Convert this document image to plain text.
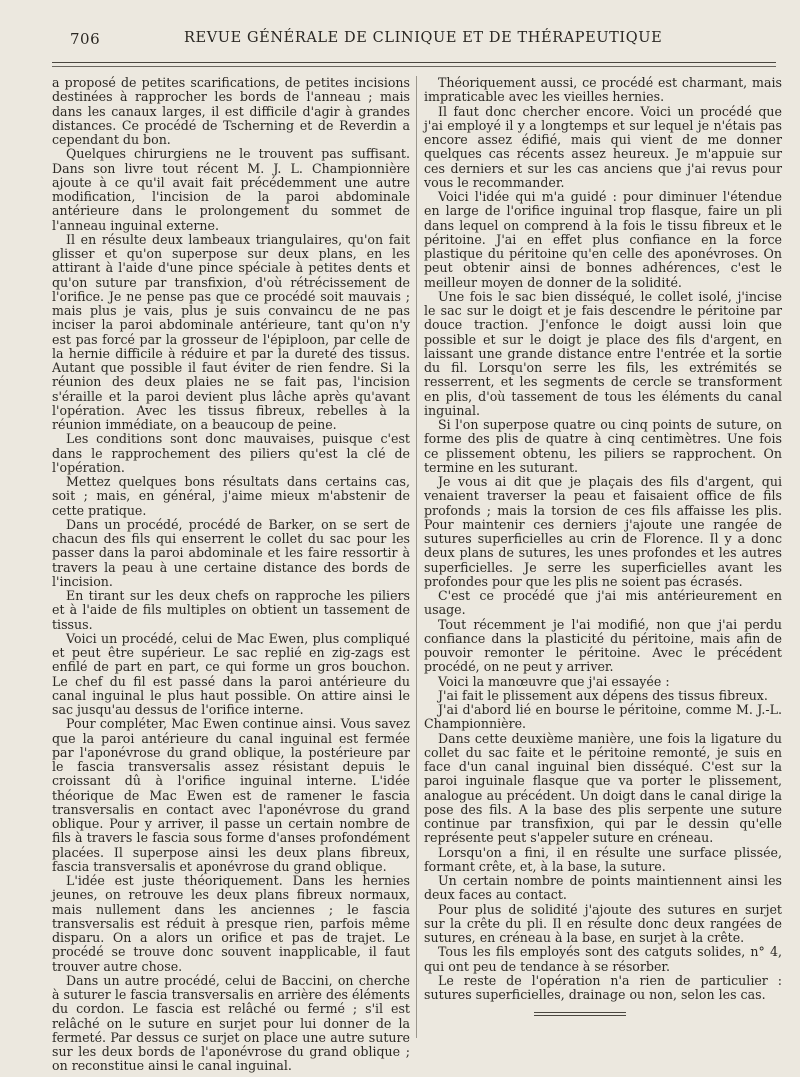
706	REVUE GÉNÉRALE DE CLINIQUE ET DE THÉRAPEUTIQUE

a proposé de petites scarifications, de petites incisions destinées à rapprocher les bords de l'anneau ; mais dans les canaux larges, il est difficile d'agir à grandes distances. Ce procédé de Tscherning et de Reverdin a cependant du bon.

Quelques chirurgiens ne le trouvent pas suffisant. Dans son livre tout récent M. J. L. Championnière ajoute à ce qu'il avait fait précédemment une autre modification, l'incision de la paroi abdominale antérieure dans le prolongement du sommet de l'anneau inguinal externe.

Il en résulte deux lambeaux triangulaires, qu'on fait glisser et qu'on superpose sur deux plans, en les attirant à l'aide d'une pince spéciale à petites dents et qu'on suture par transfixion, d'où rétrécissement de l'orifice. Je ne pense pas que ce procédé soit mauvais ; mais plus je vais, plus je suis convaincu de ne pas inciser la paroi abdominale antérieure, tant qu'on n'y est pas forcé par la grosseur de l'épiploon, par celle de la hernie difficile à réduire et par la dureté des tissus. Autant que possible il faut éviter de rien fendre. Si la réunion des deux plaies ne se fait pas, l'incision s'éraille et la paroi devient plus lâche après qu'avant l'opération. Avec les tissus fibreux, rebelles à la réunion immédiate, on a beaucoup de peine.

Les conditions sont donc mauvaises, puisque c'est dans le rapprochement des piliers qu'est la clé de l'opération.

Mettez quelques bons résultats dans certains cas, soit ; mais, en général, j'aime mieux m'abstenir de cette pratique.

Dans un procédé, procédé de Barker, on se sert de chacun des fils qui enserrent le collet du sac pour les passer dans la paroi abdominale et les faire ressortir à travers la peau à une certaine distance des bords de l'incision.

En tirant sur les deux chefs on rapproche les piliers et à l'aide de fils multiples on obtient un tassement de tissus.

Voici un procédé, celui de Mac Ewen, plus compliqué et peut être supérieur. Le sac replié en zig-zags est enfilé de part en part, ce qui forme un gros bouchon. Le chef du fil est passé dans la paroi antérieure du canal inguinal le plus haut possible. On attire ainsi le sac jusqu'au dessus de l'orifice interne.

Pour compléter, Mac Ewen continue ainsi. Vous savez que la paroi antérieure du canal inguinal est fermée par l'aponévrose du grand oblique, la postérieure par le fascia transversalis assez résistant depuis le croissant dû à l'orifice inguinal interne. L'idée théorique de Mac Ewen est de ramener le fascia transversalis en contact avec l'aponévrose du grand oblique. Pour y arriver, il passe un certain nombre de fils à travers le fascia sous forme d'anses profondément placées. Il superpose ainsi les deux plans fibreux, fascia transversalis et aponévrose du grand oblique.

L'idée est juste théoriquement. Dans les hernies jeunes, on retrouve les deux plans fibreux normaux, mais nullement dans les anciennes ; le fascia transversalis est réduit à presque rien, parfois même disparu. On a alors un orifice et pas de trajet. Le procédé se trouve donc souvent inapplicable, il faut trouver autre chose.

Dans un autre procédé, celui de Baccini, on cherche à suturer le fascia transversalis en arrière des éléments du cordon. Le fascia est relâché ou fermé ; s'il est relâché on le suture en surjet pour lui donner de la fermeté. Par dessus ce surjet on place une autre suture sur les deux bords de l'aponévrose du grand oblique ; on reconstitue ainsi le canal inguinal.

Théoriquement aussi, ce procédé est charmant, mais impraticable avec les vieilles hernies.

Il faut donc chercher encore. Voici un procédé que j'ai employé il y a longtemps et sur lequel je n'étais pas encore assez édifié, mais qui vient de me donner quelques cas récents assez heureux. Je m'appuie sur ces derniers et sur les cas anciens que j'ai revus pour vous le recommander.

Voici l'idée qui m'a guidé : pour diminuer l'étendue en large de l'orifice inguinal trop flasque, faire un pli dans lequel on comprend à la fois le tissu fibreux et le péritoine. J'ai en effet plus confiance en la force plastique du péritoine qu'en celle des aponévroses. On peut obtenir ainsi de bonnes adhérences, c'est le meilleur moyen de donner de la solidité.

Une fois le sac bien disséqué, le collet isolé, j'incise le sac sur le doigt et je fais descendre le péritoine par douce traction. J'enfonce le doigt aussi loin que possible et sur le doigt je place des fils d'argent, en laissant une grande distance entre l'entrée et la sortie du fil. Lorsqu'on serre les fils, les extrémités se resserrent, et les segments de cercle se transforment en plis, d'où tassement de tous les éléments du canal inguinal.

Si l'on superpose quatre ou cinq points de suture, on forme des plis de quatre à cinq centimètres. Une fois ce plissement obtenu, les piliers se rapprochent. On termine en les suturant.

Je vous ai dit que je plaçais des fils d'argent, qui venaient traverser la peau et faisaient office de fils profonds ; mais la torsion de ces fils affaisse les plis. Pour maintenir ces derniers j'ajoute une rangée de sutures superficielles au crin de Florence. Il y a donc deux plans de sutures, les unes profondes et les autres superficielles. Je serre les superficielles avant les profondes pour que les plis ne soient pas écrasés.

C'est ce procédé que j'ai mis antérieurement en usage.

Tout récemment je l'ai modifié, non que j'ai perdu confiance dans la plasticité du péritoine, mais afin de pouvoir remonter le péritoine. Avec le précédent procédé, on ne peut y arriver.

Voici la manœuvre que j'ai essayée :

J'ai fait le plissement aux dépens des tissus fibreux.

J'ai d'abord lié en bourse le péritoine, comme M. J.-L. Championnière.

Dans cette deuxième manière, une fois la ligature du collet du sac faite et le péritoine remonté, je suis en face d'un canal inguinal bien disséqué. C'est sur la paroi inguinale flasque que va porter le plissement, analogue au précédent. Un doigt dans le canal dirige la pose des fils. A la base des plis serpente une suture continue par transfixion, qui par le dessin qu'elle représente peut s'appeler suture en créneau.

Lorsqu'on a fini, il en résulte une surface plissée, formant crête, et, à la base, la suture.

Un certain nombre de points maintiennent ainsi les deux faces au contact.

Pour plus de solidité j'ajoute des sutures en surjet sur la crête du pli. Il en résulte donc deux rangées de sutures, en créneau à la base, en surjet à la crête.

Tous les fils employés sont des catguts solides, n° 4, qui ont peu de tendance à se résorber.

Le reste de l'opération n'a rien de particulier : sutures superficielles, drainage ou non, selon les cas.
